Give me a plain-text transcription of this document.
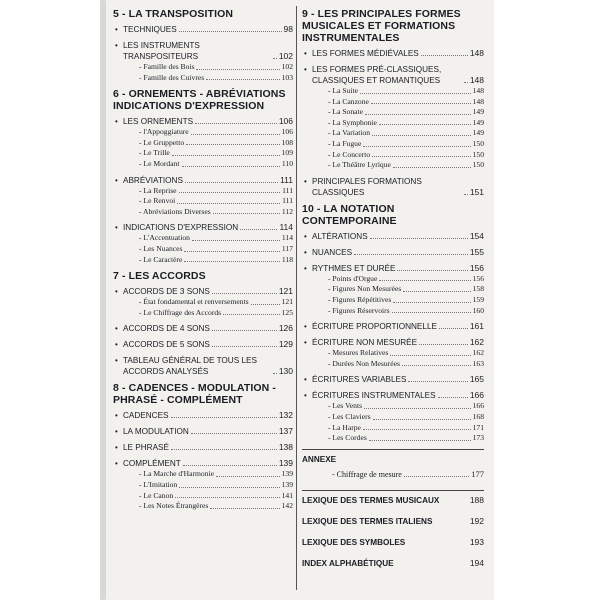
5 - LA TRANSPOSITION
• TECHNIQUES	98
• LES INSTRUMENTS TRANSPOSITEURS	102
- Famille des Bois	102
- Famille des Cuivres	103
6 - ORNEMENTS - ABRÉVIATIONS INDICATIONS D'EXPRESSION
• LES ORNEMENTS	106
- l'Appoggiature	106
- Le Gruppetto	108
- Le Trille	109
- Le Mordant	110
• ABRÉVIATIONS	111
- La Reprise	111
- Le Renvoi	111
- Abréviations Diverses	112
• INDICATIONS D'EXPRESSION	114
- L'Accentuation	114
- Les Nuances	117
- Le Caractère	118
7 - LES ACCORDS
• ACCORDS DE 3 SONS	121
- État fondamental et renversements	121
- Le Chiffrage des Accords	125
• ACCORDS DE 4 SONS	126
• ACCORDS DE 5 SONS	129
• TABLEAU GÉNÉRAL DE TOUS LES ACCORDS ANALYSÉS	130
8 - CADENCES - MODULATION - PHRASÉ - COMPLÉMENT
• CADENCES	132
• LA MODULATION	137
• LE PHRASÉ	138
• COMPLÉMENT	139
- La Marche d'Harmonie	139
- L'Imitation	139
- Le Canon	141
- Les Notes Étrangères	142
9 - LES PRINCIPALES FORMES MUSICALES ET FORMATIONS INSTRUMENTALES
• LES FORMES MÉDIÉVALES	148
• LES FORMES PRÉ-CLASSIQUES, CLASSIQUES ET ROMANTIQUES	148
- La Suite	148
- La Canzone	148
- La Sonate	149
- La Symphonie	149
- La Variation	149
- La Fugue	150
- Le Concerto	150
- Le Théâtre Lyrique	150
• PRINCIPALES FORMATIONS CLASSIQUES	151
10 - LA NOTATION CONTEMPORAINE
• ALTÉRATIONS	154
• NUANCES	155
• RYTHMES ET DURÉE	156
- Points d'Orgue	156
- Figures Non Mesurées	158
- Figures Répétitives	159
- Figures Réservoirs	160
• ÉCRITURE PROPORTIONNELLE	161
• ÉCRITURE NON MESURÉE	162
- Mesures Relatives	162
- Durées Non Mesurées	163
• ÉCRITURES VARIABLES	165
• ÉCRITURES INSTRUMENTALES	166
- Les Vents	166
- Les Claviers	168
- La Harpe	171
- Les Cordes	173
ANNEXE
- Chiffrage de mesure	177
LEXIQUE DES TERMES MUSICAUX	188
LEXIQUE DES TERMES ITALIENS	192
LEXIQUE DES SYMBOLES	193
INDEX ALPHABÉTIQUE	194
